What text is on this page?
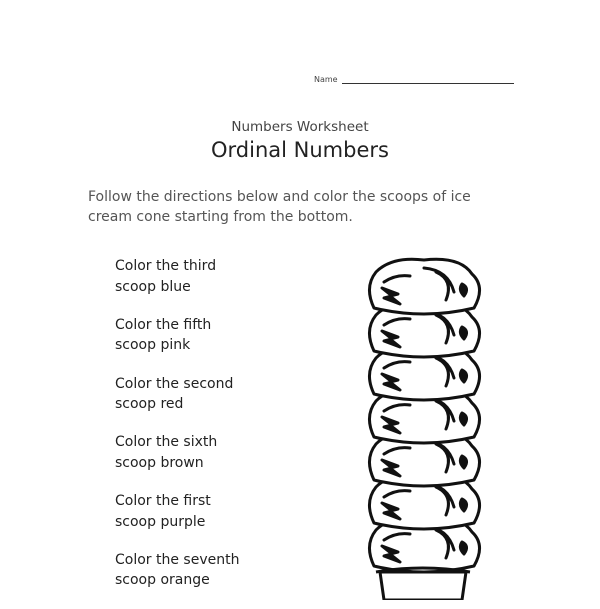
Name
Numbers Worksheet
Ordinal Numbers
Follow the directions below and color the scoops of ice cream cone starting from the bottom.
Color the third
scoop blue
Color the fifth
scoop pink
Color the second
scoop red
Color the sixth
scoop brown
Color the first
scoop purple
Color the seventh
scoop orange
